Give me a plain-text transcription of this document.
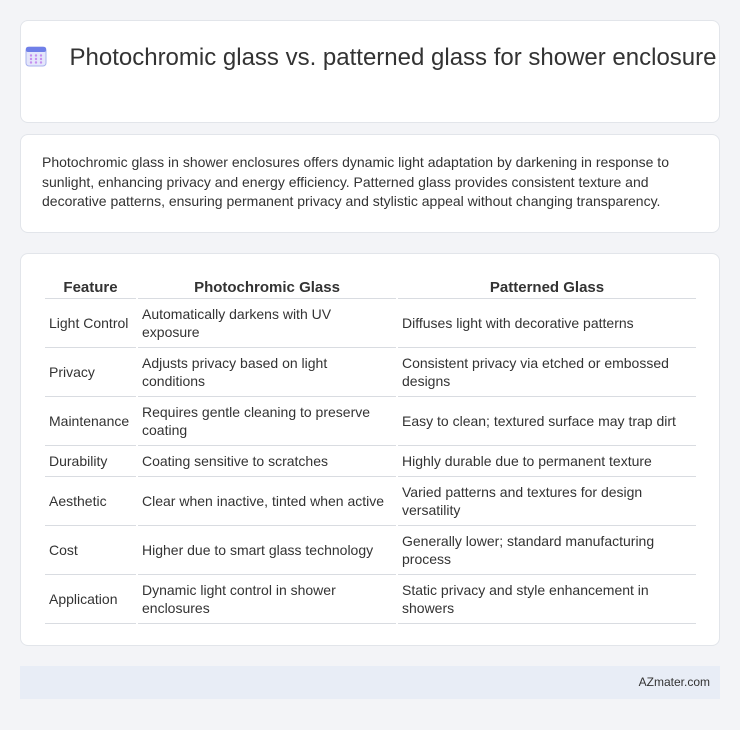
Photochromic glass vs. patterned glass for shower enclosure

Photochromic glass in shower enclosures offers dynamic light adaptation by darkening in response to sunlight, enhancing privacy and energy efficiency. Patterned glass provides consistent texture and decorative patterns, ensuring permanent privacy and stylistic appeal without changing transparency.

Feature	Photochromic Glass	Patterned Glass
Light Control	Automatically darkens with UV exposure	Diffuses light with decorative patterns
Privacy	Adjusts privacy based on light conditions	Consistent privacy via etched or embossed designs
Maintenance	Requires gentle cleaning to preserve coating	Easy to clean; textured surface may trap dirt
Durability	Coating sensitive to scratches	Highly durable due to permanent texture
Aesthetic	Clear when inactive, tinted when active	Varied patterns and textures for design versatility
Cost	Higher due to smart glass technology	Generally lower; standard manufacturing process
Application	Dynamic light control in shower enclosures	Static privacy and style enhancement in showers
AZmater.com
